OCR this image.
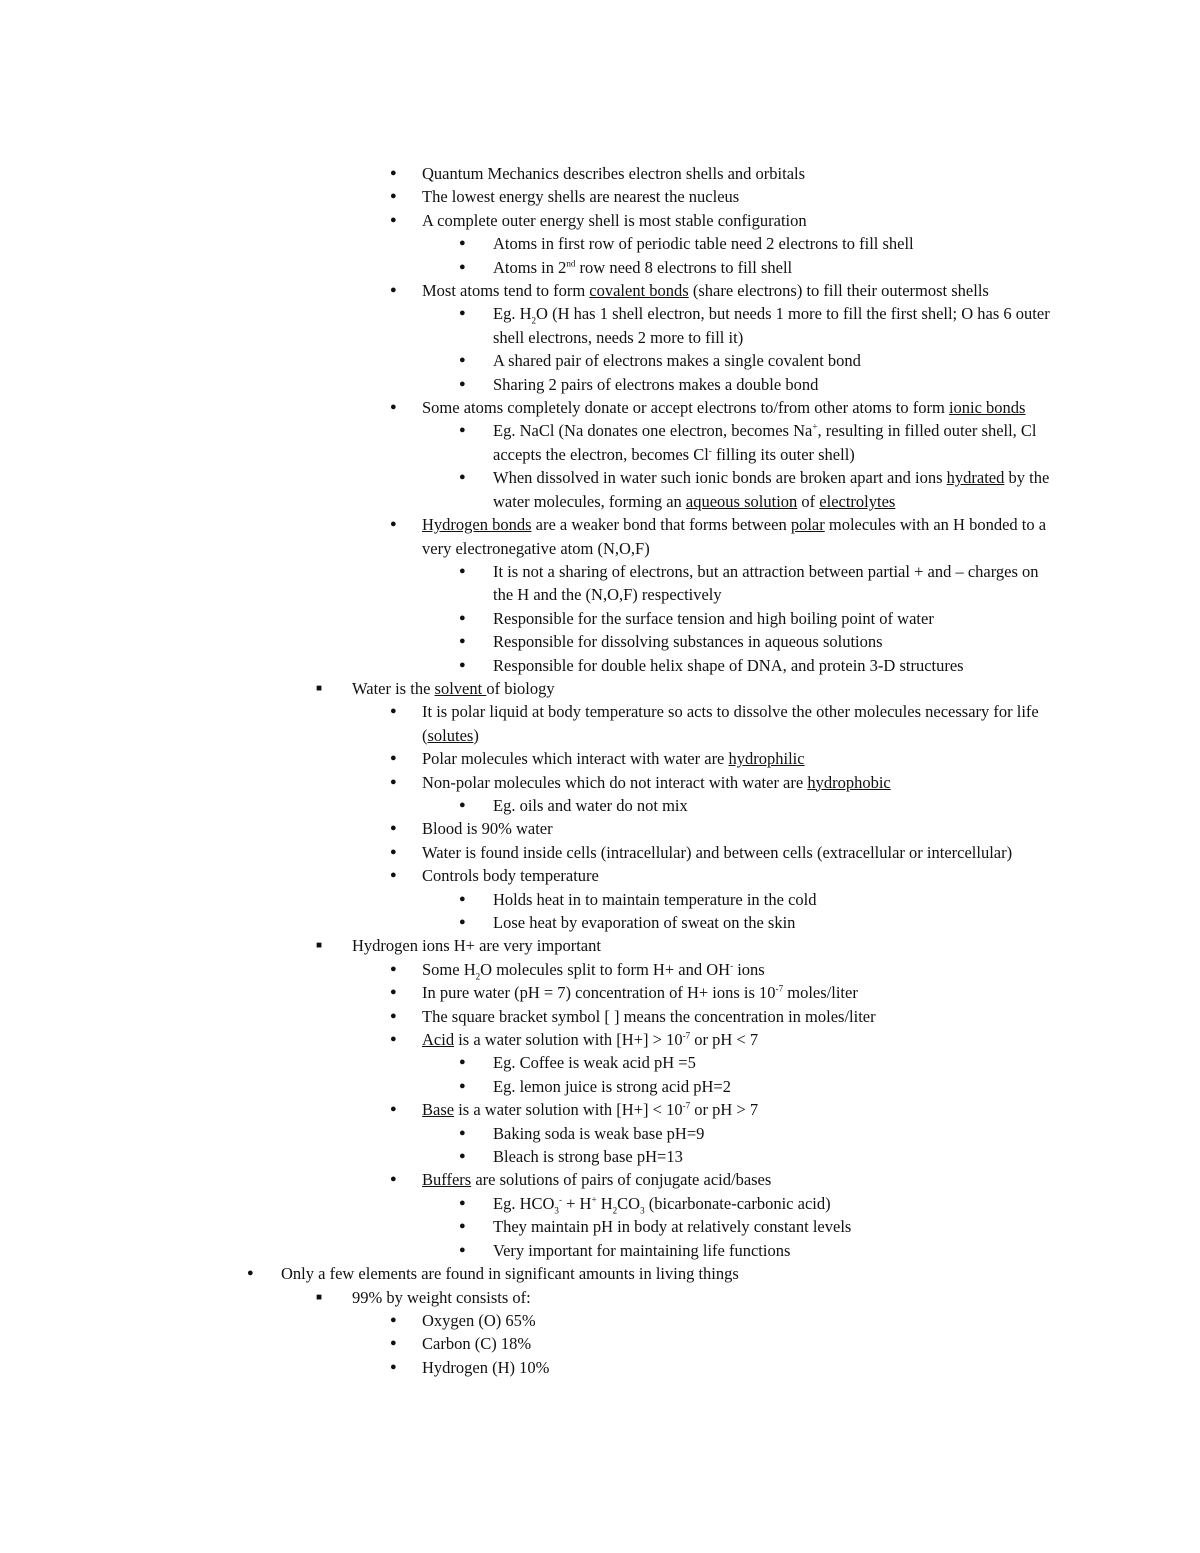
● Quantum Mechanics describes electron shells and orbitals
● The lowest energy shells are nearest the nucleus
● A complete outer energy shell is most stable configuration
● Atoms in first row of periodic table need 2 electrons to fill shell
● Atoms in 2nd row need 8 electrons to fill shell
● Most atoms tend to form covalent bonds (share electrons) to fill their outermost shells
● Eg. $H_2O$ (H has 1 shell electron, but needs 1 more to fill the first shell; O has 6 outer shell electrons, needs 2 more to fill it)
● A shared pair of electrons makes a single covalent bond
● Sharing 2 pairs of electrons makes a double bond
● Some atoms completely donate or accept electrons to/from other atoms to form ionic bonds
● Eg. NaCl (Na donates one electron, becomes Na+, resulting in filled outer shell, Cl accepts the electron, becomes Cl- filling its outer shell)
● When dissolved in water such ionic bonds are broken apart and ions hydrated by the water molecules, forming an aqueous solution of electrolytes
● Hydrogen bonds are a weaker bond that forms between polar molecules with an H bonded to a very electronegative atom (N,O,F)
● It is not a sharing of electrons, but an attraction between partial + and – charges on the H and the (N,O,F) respectively
● Responsible for the surface tension and high boiling point of water
● Responsible for dissolving substances in aqueous solutions
● Responsible for double helix shape of DNA, and protein 3-D structures
■ Water is the solvent of biology
● It is polar liquid at body temperature so acts to dissolve the other molecules necessary for life (solutes)
● Polar molecules which interact with water are hydrophilic
● Non-polar molecules which do not interact with water are hydrophobic
● Eg. oils and water do not mix
● Blood is 90% water
● Water is found inside cells (intracellular) and between cells (extracellular or intercellular)
● Controls body temperature
● Holds heat in to maintain temperature in the cold
● Lose heat by evaporation of sweat on the skin
■ Hydrogen ions H+ are very important
● Some $H_2O$ molecules split to form H+ and OH- ions
● In pure water (pH = 7) concentration of H+ ions is $10^{-7}$ moles/liter
● The square bracket symbol [ ] means the concentration in moles/liter
● Acid is a water solution with $[H+] > 10^{-7}$ or pH < 7
● Eg. Coffee is weak acid pH =5
● Eg. lemon juice is strong acid pH=2
● Base is a water solution with $[H+] < 10^{-7}$ or pH > 7
● Baking soda is weak base pH=9
● Bleach is strong base pH=13
● Buffers are solutions of pairs of conjugate acid/bases
● Eg. $HCO_3^- + H^+$ $H_2CO_3$ (bicarbonate-carbonic acid)
● They maintain pH in body at relatively constant levels
● Very important for maintaining life functions
● Only a few elements are found in significant amounts in living things
■ 99% by weight consists of:
● Oxygen (O) 65%
● Carbon (C) 18%
● Hydrogen (H) 10%
